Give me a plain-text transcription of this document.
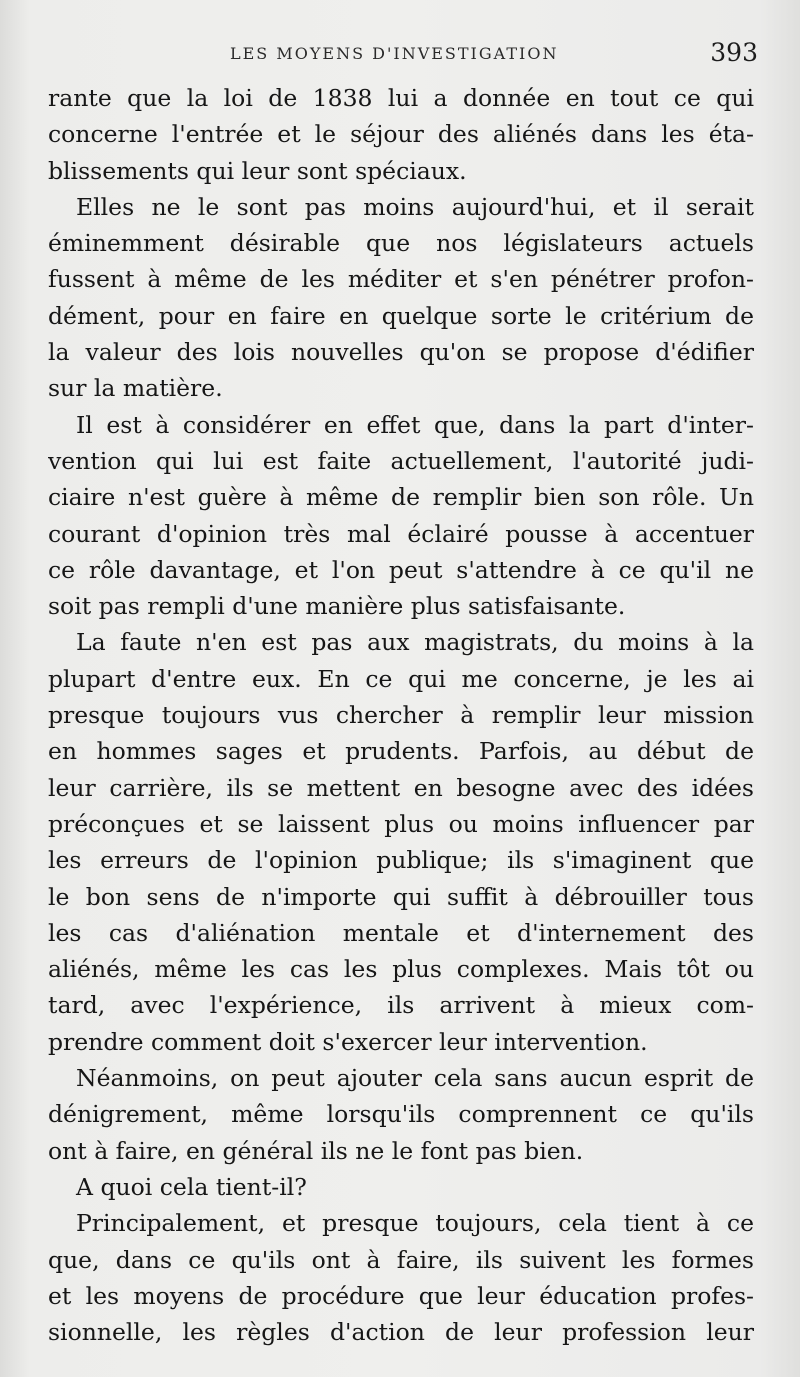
LES MOYENS D'INVESTIGATION	393
rante que la loi de 1838 lui a donnée en tout ce qui
concerne l'entrée et le séjour des aliénés dans les éta-
blissements qui leur sont spéciaux.
Elles ne le sont pas moins aujourd'hui, et il serait
éminemment désirable que nos législateurs actuels
fussent à même de les méditer et s'en pénétrer profon-
dément, pour en faire en quelque sorte le critérium de
la valeur des lois nouvelles qu'on se propose d'édifier
sur la matière.
Il est à considérer en effet que, dans la part d'inter-
vention qui lui est faite actuellement, l'autorité judi-
ciaire n'est guère à même de remplir bien son rôle. Un
courant d'opinion très mal éclairé pousse à accentuer
ce rôle davantage, et l'on peut s'attendre à ce qu'il ne
soit pas rempli d'une manière plus satisfaisante.
La faute n'en est pas aux magistrats, du moins à la
plupart d'entre eux. En ce qui me concerne, je les ai
presque toujours vus chercher à remplir leur mission
en hommes sages et prudents. Parfois, au début de
leur carrière, ils se mettent en besogne avec des idées
préconçues et se laissent plus ou moins influencer par
les erreurs de l'opinion publique; ils s'imaginent que
le bon sens de n'importe qui suffit à débrouiller tous
les cas d'aliénation mentale et d'internement des
aliénés, même les cas les plus complexes. Mais tôt ou
tard, avec l'expérience, ils arrivent à mieux com-
prendre comment doit s'exercer leur intervention.
Néanmoins, on peut ajouter cela sans aucun esprit de
dénigrement, même lorsqu'ils comprennent ce qu'ils
ont à faire, en général ils ne le font pas bien.
A quoi cela tient-il?
Principalement, et presque toujours, cela tient à ce
que, dans ce qu'ils ont à faire, ils suivent les formes
et les moyens de procédure que leur éducation profes-
sionnelle, les règles d'action de leur profession leur
